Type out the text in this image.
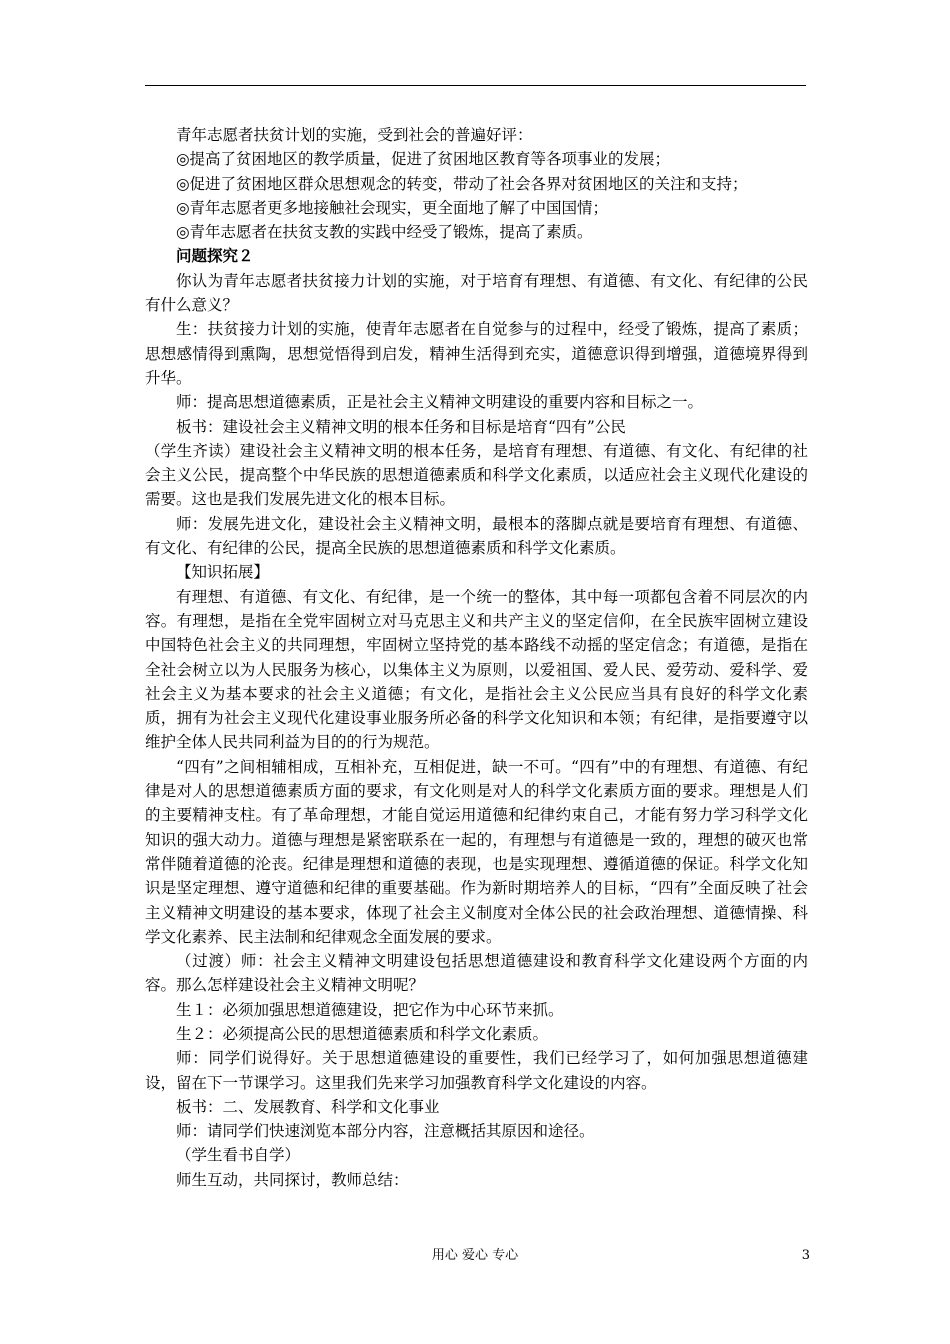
青年志愿者扶贫计划的实施，受到社会的普遍好评：

◎提高了贫困地区的教学质量，促进了贫困地区教育等各项事业的发展；

◎促进了贫困地区群众思想观念的转变，带动了社会各界对贫困地区的关注和支持；

◎青年志愿者更多地接触社会现实，更全面地了解了中国国情；

◎青年志愿者在扶贫支教的实践中经受了锻炼，提高了素质。

问题探究２

你认为青年志愿者扶贫接力计划的实施，对于培育有理想、有道德、有文化、有纪律的公民有什么意义？

生：扶贫接力计划的实施，使青年志愿者在自觉参与的过程中，经受了锻炼，提高了素质；思想感情得到熏陶，思想觉悟得到启发，精神生活得到充实，道德意识得到增强，道德境界得到升华。

师：提高思想道德素质，正是社会主义精神文明建设的重要内容和目标之一。

板书：建设社会主义精神文明的根本任务和目标是培育“四有”公民

（学生齐读）建设社会主义精神文明的根本任务，是培育有理想、有道德、有文化、有纪律的社会主义公民，提高整个中华民族的思想道德素质和科学文化素质，以适应社会主义现代化建设的需要。这也是我们发展先进文化的根本目标。

师：发展先进文化，建设社会主义精神文明，最根本的落脚点就是要培育有理想、有道德、有文化、有纪律的公民，提高全民族的思想道德素质和科学文化素质。

【知识拓展】

有理想、有道德、有文化、有纪律，是一个统一的整体，其中每一项都包含着不同层次的内容。有理想，是指在全党牢固树立对马克思主义和共产主义的坚定信仰，在全民族牢固树立建设中国特色社会主义的共同理想，牢固树立坚持党的基本路线不动摇的坚定信念；有道德，是指在全社会树立以为人民服务为核心，以集体主义为原则，以爱祖国、爱人民、爱劳动、爱科学、爱社会主义为基本要求的社会主义道德；有文化，是指社会主义公民应当具有良好的科学文化素质，拥有为社会主义现代化建设事业服务所必备的科学文化知识和本领；有纪律，是指要遵守以维护全体人民共同利益为目的的行为规范。

“四有”之间相辅相成，互相补充，互相促进，缺一不可。“四有”中的有理想、有道德、有纪律是对人的思想道德素质方面的要求，有文化则是对人的科学文化素质方面的要求。理想是人们的主要精神支柱。有了革命理想，才能自觉运用道德和纪律约束自己，才能有努力学习科学文化知识的强大动力。道德与理想是紧密联系在一起的，有理想与有道德是一致的，理想的破灭也常常伴随着道德的沦丧。纪律是理想和道德的表现，也是实现理想、遵循道德的保证。科学文化知识是坚定理想、遵守道德和纪律的重要基础。作为新时期培养人的目标，“四有”全面反映了社会主义精神文明建设的基本要求，体现了社会主义制度对全体公民的社会政治理想、道德情操、科学文化素养、民主法制和纪律观念全面发展的要求。

（过渡）师：社会主义精神文明建设包括思想道德建设和教育科学文化建设两个方面的内容。那么怎样建设社会主义精神文明呢？

生１：必须加强思想道德建设，把它作为中心环节来抓。

生２：必须提高公民的思想道德素质和科学文化素质。

师：同学们说得好。关于思想道德建设的重要性，我们已经学习了，如何加强思想道德建设，留在下一节课学习。这里我们先来学习加强教育科学文化建设的内容。

板书：二、发展教育、科学和文化事业

师：请同学们快速浏览本部分内容，注意概括其原因和途径。

（学生看书自学）

师生互动，共同探讨，教师总结：

用心 爱心 专心	3
